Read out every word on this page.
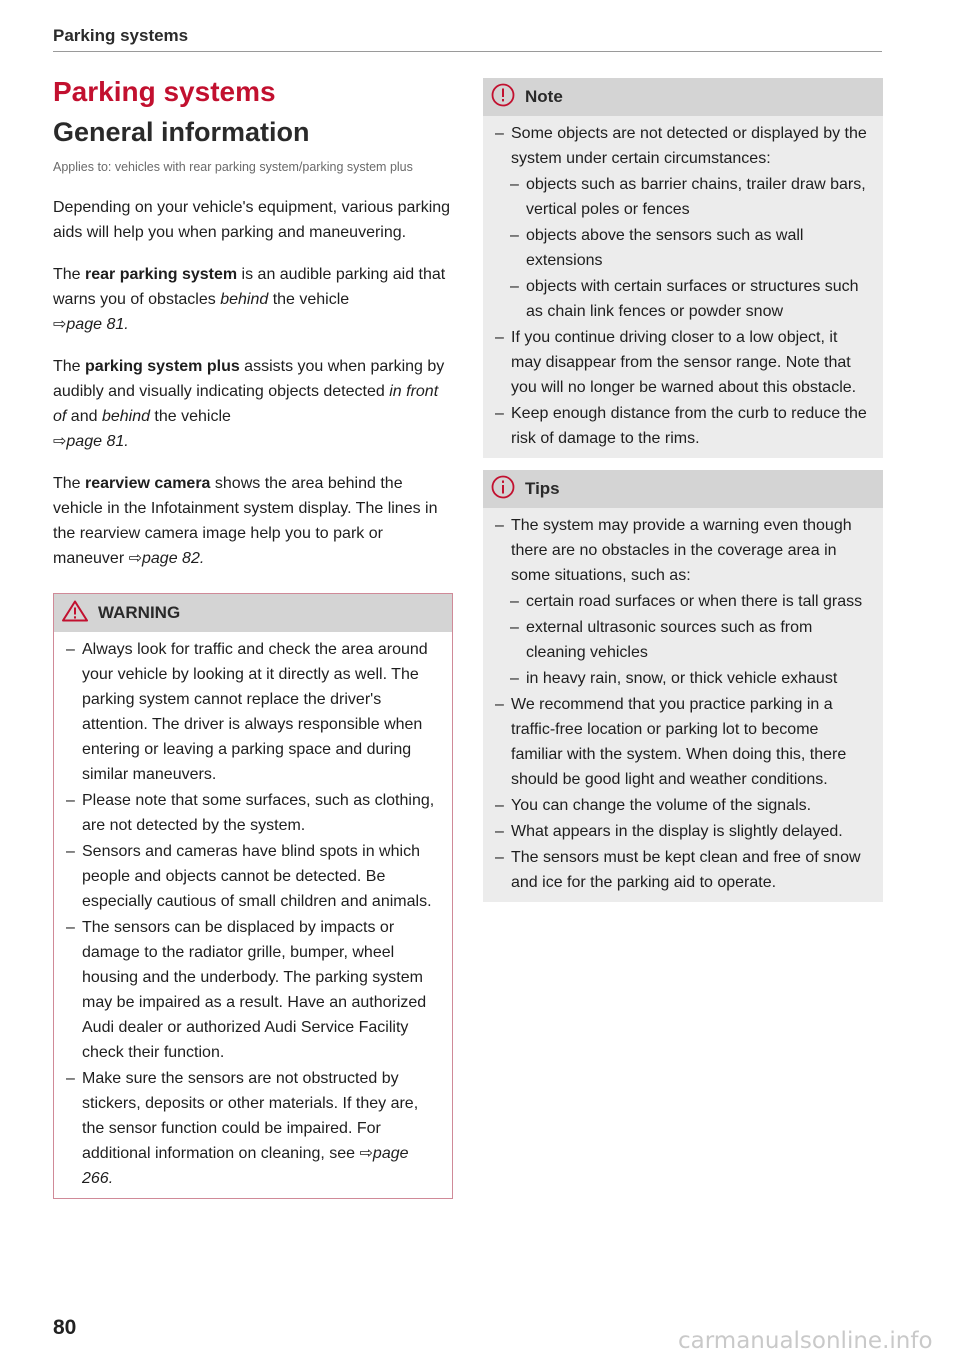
Parking systems
Parking systems
General information

Applies to: vehicles with rear parking system/parking system plus

Depending on your vehicle's equipment, various parking aids will help you when parking and maneuvering.

The rear parking system is an audible parking aid that warns you of obstacles behind the vehicle
⇨page 81.

The parking system plus assists you when parking by audibly and visually indicating objects detected in front of and behind the vehicle
⇨page 81.

The rearview camera shows the area behind the vehicle in the Infotainment system display. The lines in the rearview camera image help you to park or maneuver ⇨page 82.

WARNING
– Always look for traffic and check the area around your vehicle by looking at it directly as well. The parking system cannot replace the driver's attention. The driver is always responsible when entering or leaving a parking space and during similar maneuvers.
– Please note that some surfaces, such as clothing, are not detected by the system.
– Sensors and cameras have blind spots in which people and objects cannot be detected. Be especially cautious of small children and animals.
– The sensors can be displaced by impacts or damage to the radiator grille, bumper, wheel housing and the underbody. The parking system may be impaired as a result. Have an authorized Audi dealer or authorized Audi Service Facility check their function.
– Make sure the sensors are not obstructed by stickers, deposits or other materials. If they are, the sensor function could be impaired. For additional information on cleaning, see ⇨page 266.
Note
– Some objects are not detected or displayed by the system under certain circumstances:
– objects such as barrier chains, trailer draw bars, vertical poles or fences
– objects above the sensors such as wall extensions
– objects with certain surfaces or structures such as chain link fences or powder snow
– If you continue driving closer to a low object, it may disappear from the sensor range. Note that you will no longer be warned about this obstacle.
– Keep enough distance from the curb to reduce the risk of damage to the rims.
Tips
– The system may provide a warning even though there are no obstacles in the coverage area in some situations, such as:
– certain road surfaces or when there is tall grass
– external ultrasonic sources such as from cleaning vehicles
– in heavy rain, snow, or thick vehicle exhaust
– We recommend that you practice parking in a traffic-free location or parking lot to become familiar with the system. When doing this, there should be good light and weather conditions.
– You can change the volume of the signals.
– What appears in the display is slightly delayed.
– The sensors must be kept clean and free of snow and ice for the parking aid to operate.
80
carmanualsonline.info
